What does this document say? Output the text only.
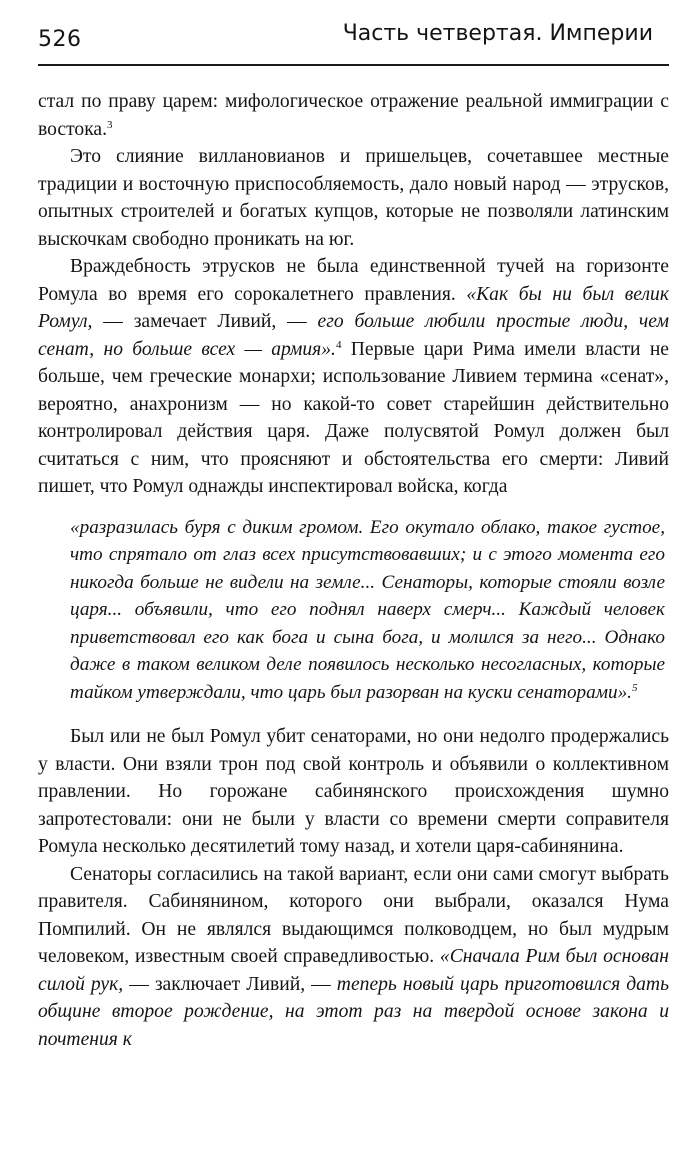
526	Часть четвертая. Империи

стал по праву царем: мифологическое отражение реальной иммиграции с востока.$^3$

Это слияние виллановианов и пришельцев, сочетавшее местные традиции и восточную приспособляемость, дало новый народ — этрусков, опытных строителей и богатых купцов, которые не позволяли латинским выскочкам свободно проникать на юг.

Враждебность этрусков не была единственной тучей на горизонте Ромула во время его сорокалетнего правления. «Как бы ни был велик Ромул, — замечает Ливий, — его больше любили простые люди, чем сенат, но больше всех — армия».$^4$ Первые цари Рима имели власти не больше, чем греческие монархи; использование Ливием термина «сенат», вероятно, анахронизм — но какой-то совет старейшин действительно контролировал действия царя. Даже полусвятой Ромул должен был считаться с ним, что проясняют и обстоятельства его смерти: Ливий пишет, что Ромул однажды инспектировал войска, когда

«разразилась буря с диким громом. Его окутало облако, такое густое, что спрятало от глаз всех присутствовавших; и с этого момента его никогда больше не видели на земле... Сенаторы, которые стояли возле царя... объявили, что его поднял наверх смерч... Каждый человек приветствовал его как бога и сына бога, и молился за него... Однако даже в таком великом деле появилось несколько несогласных, которые тайком утверждали, что царь был разорван на куски сенаторами».$^5$

Был или не был Ромул убит сенаторами, но они недолго продержались у власти. Они взяли трон под свой контроль и объявили о коллективном правлении. Но горожане сабинянского происхождения шумно запротестовали: они не были у власти со времени смерти соправителя Ромула несколько десятилетий тому назад, и хотели царя-сабинянина.

Сенаторы согласились на такой вариант, если они сами смогут выбрать правителя. Сабинянином, которого они выбрали, оказался Нума Помпилий. Он не являлся выдающимся полководцем, но был мудрым человеком, известным своей справедливостью. «Сначала Рим был основан силой рук, — заключает Ливий, — теперь новый царь приготовился дать общине второе рождение, на этот раз на твердой основе закона и почтения к
